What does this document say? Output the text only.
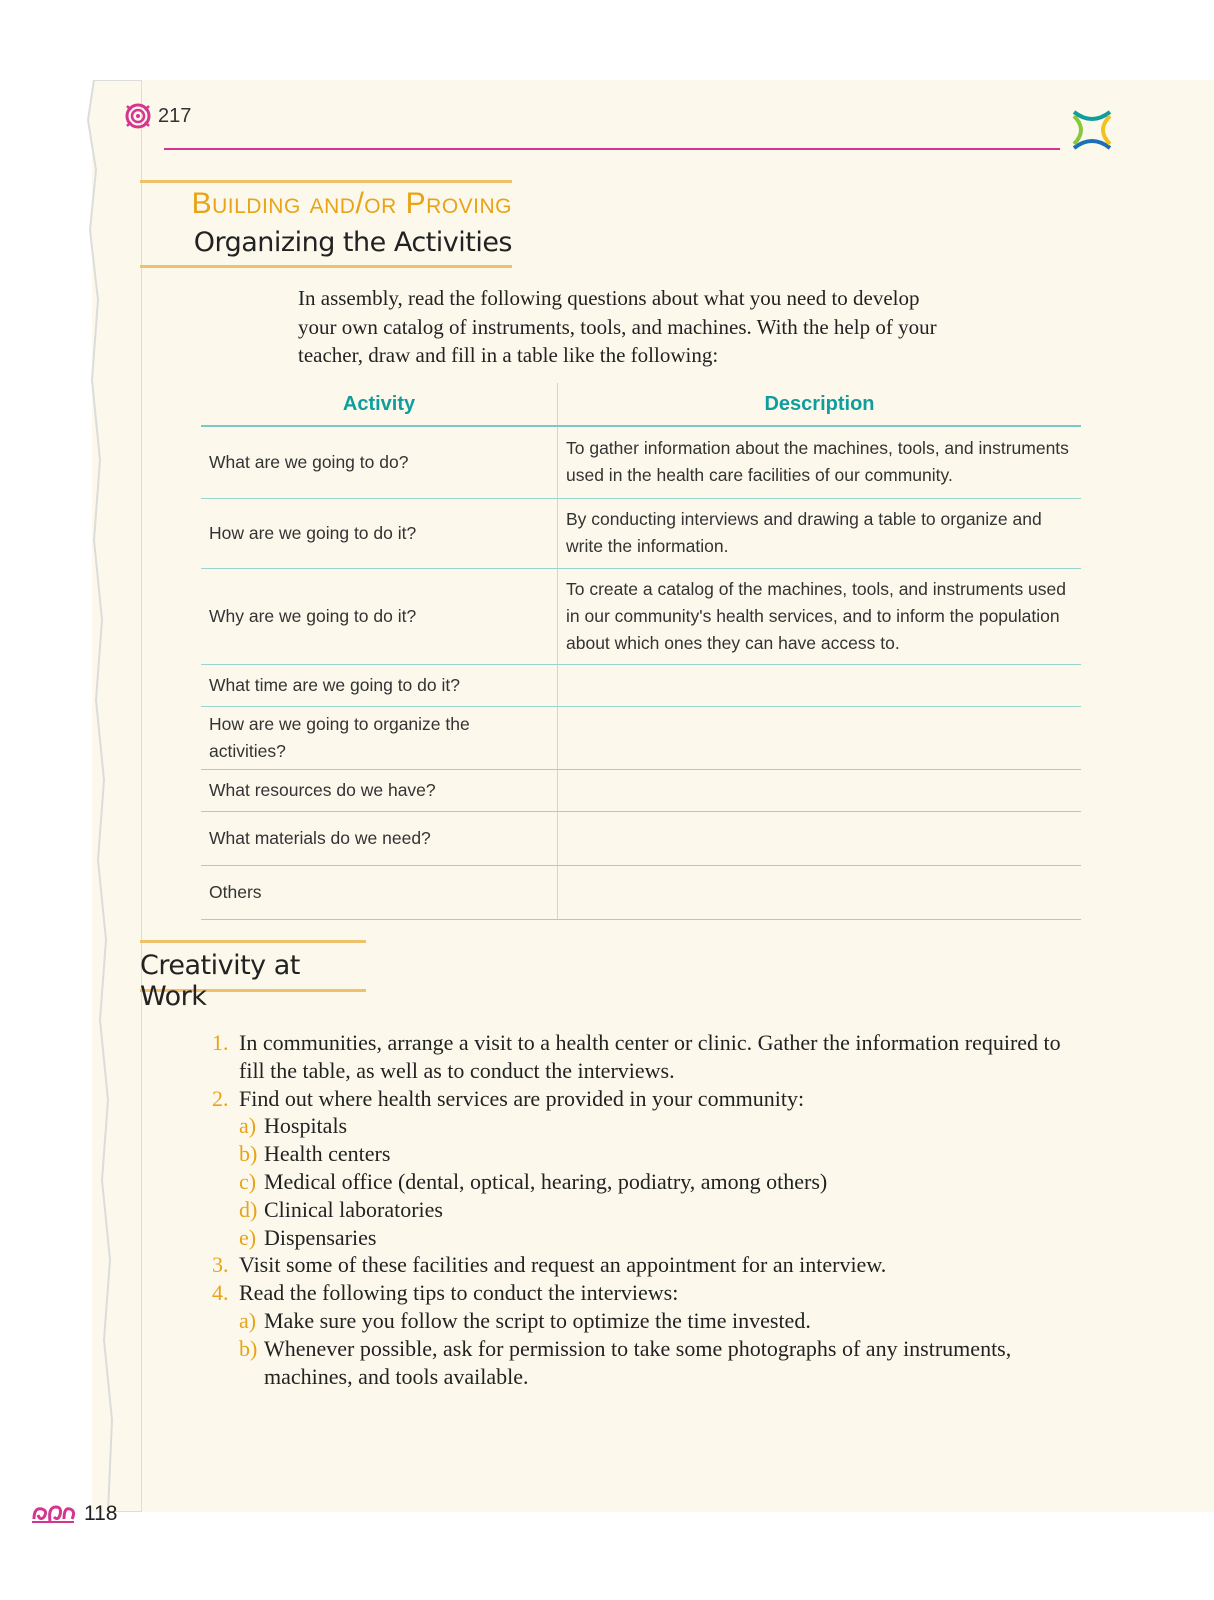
217
Building and/or Proving
Organizing the Activities
In assembly, read the following questions about what you need to develop your own catalog of instruments, tools, and machines. With the help of your teacher, draw and fill in a table like the following:
Activity	Description
What are we going to do?	To gather information about the machines, tools, and instruments used in the health care facilities of our community.
How are we going to do it?	By conducting interviews and drawing a table to organize and write the information.
Why are we going to do it?	To create a catalog of the machines, tools, and instruments used in our community's health services, and to inform the population about which ones they can have access to.
What time are we going to do it?	
How are we going to organize the activities?	
What resources do we have?	
What materials do we need?	
Others	
Creativity at Work
1. In communities, arrange a visit to a health center or clinic. Gather the information required to fill the table, as well as to conduct the interviews.
2. Find out where health services are provided in your community:
a) Hospitals
b) Health centers
c) Medical office (dental, optical, hearing, podiatry, among others)
d) Clinical laboratories
e) Dispensaries
3. Visit some of these facilities and request an appointment for an interview.
4. Read the following tips to conduct the interviews:
a) Make sure you follow the script to optimize the time invested.
b) Whenever possible, ask for permission to take some photographs of any instruments, machines, and tools available.
118
